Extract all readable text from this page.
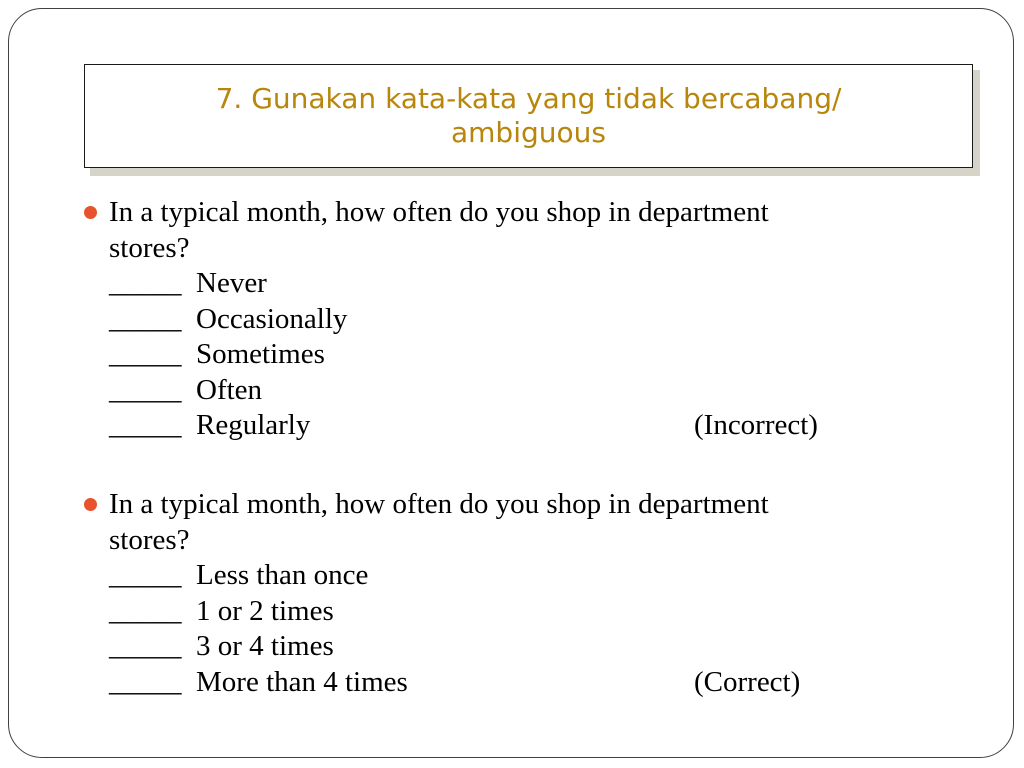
7. Gunakan kata-kata yang tidak bercabang/
ambiguous
In a typical month, how often do you shop in department
stores?
_____  Never
_____  Occasionally
_____  Sometimes
_____  Often
_____  Regularly	(Incorrect)
In a typical month, how often do you shop in department
stores?
_____  Less than once
_____  1 or 2 times
_____  3 or 4 times
_____  More than 4 times	(Correct)
